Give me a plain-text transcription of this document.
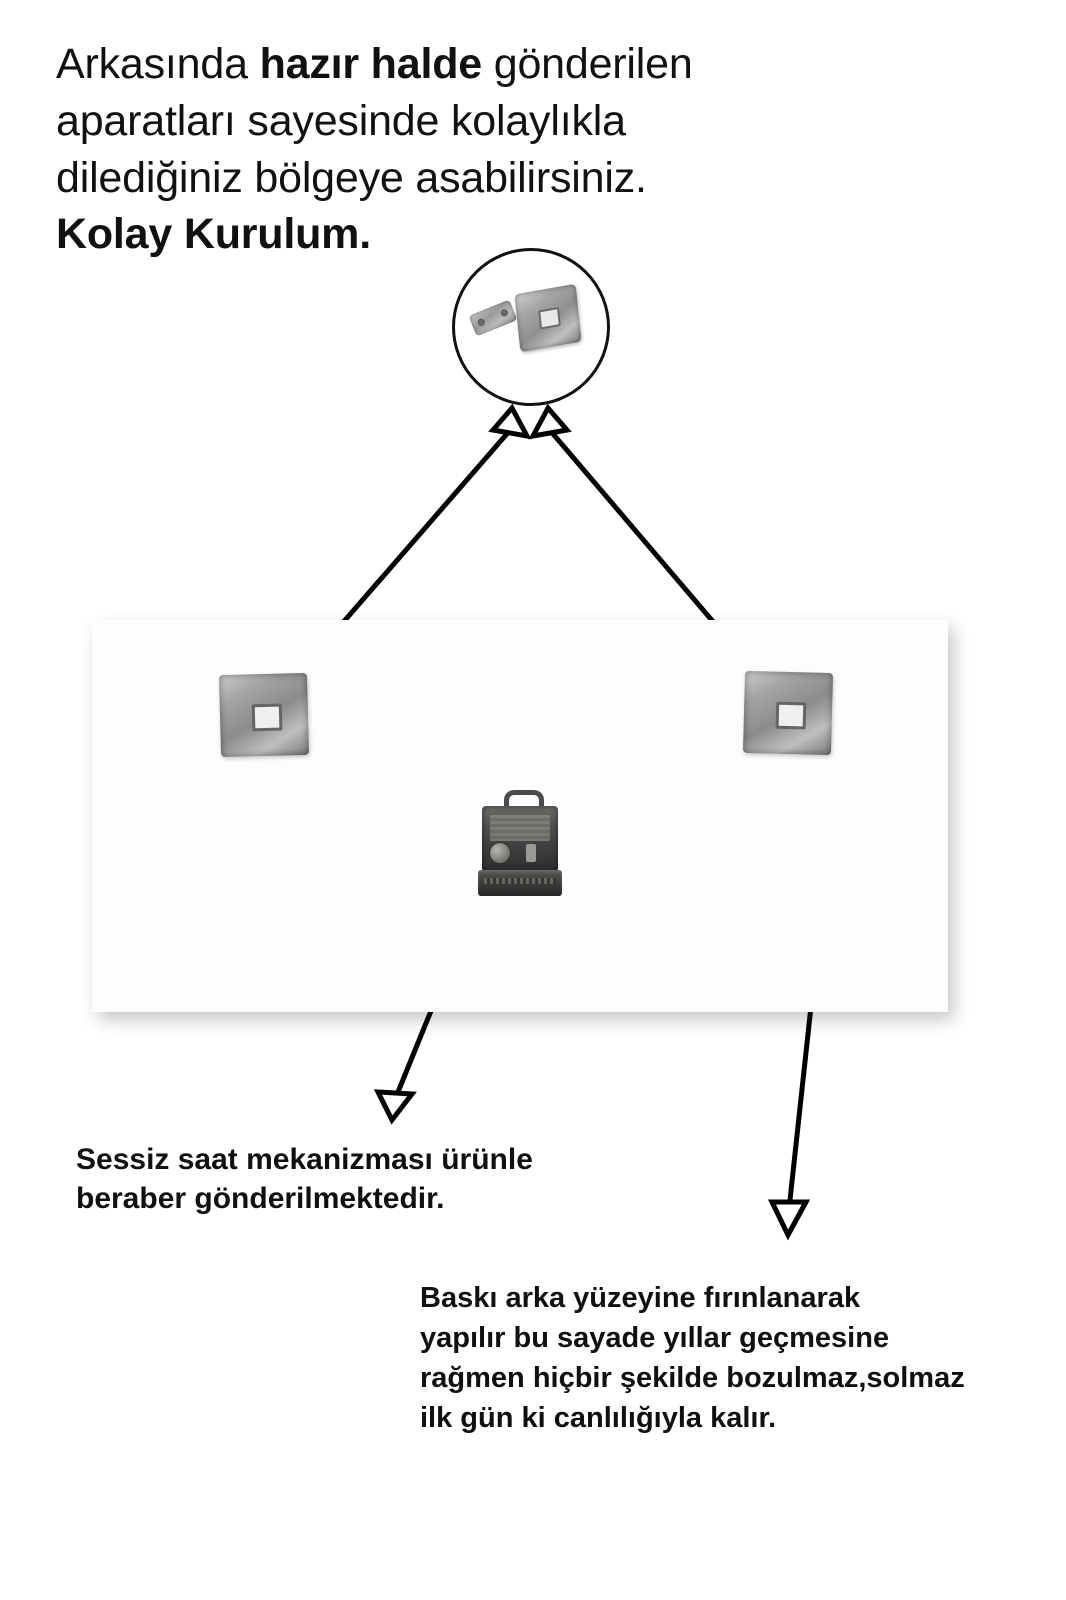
Arkasında hazır halde gönderilen
aparatları sayesinde kolaylıkla
dilediğiniz bölgeye asabilirsiniz.
Kolay Kurulum.
Sessiz saat mekanizması ürünle
beraber gönderilmektedir.
Baskı arka yüzeyine fırınlanarak
yapılır bu sayade yıllar geçmesine
rağmen hiçbir şekilde bozulmaz,solmaz
ilk gün ki canlılığıyla kalır.
